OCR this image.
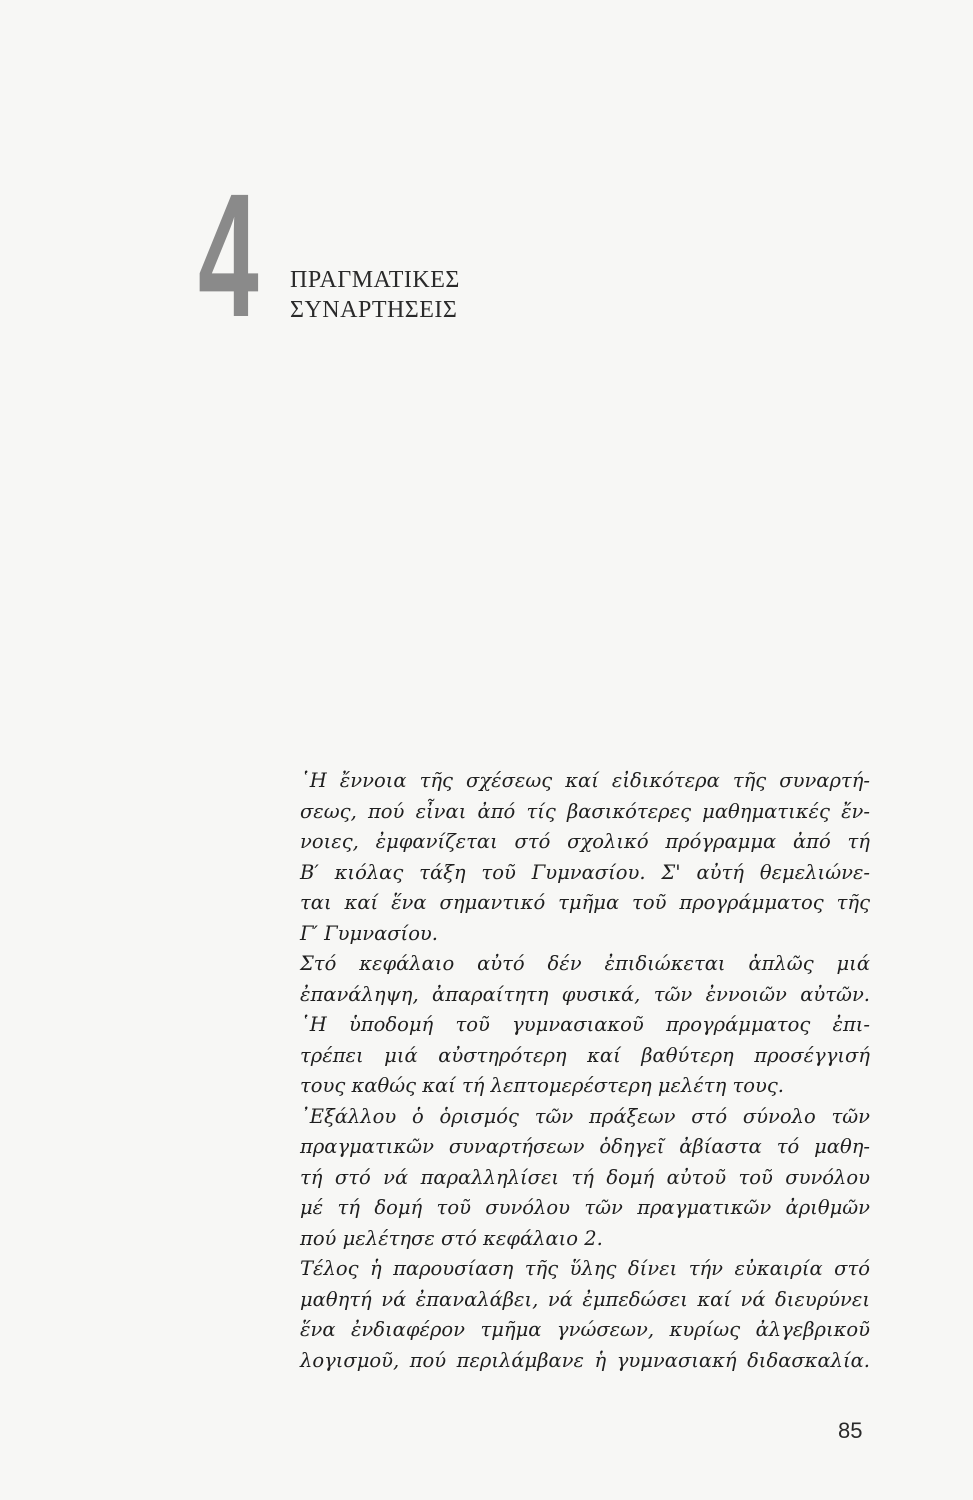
4 ΠΡΑΓΜΑΤΙΚΕΣ
ΣΥΝΑΡΤΗΣΕΙΣ
῾Η ἔννοια τῆς σχέσεως καί εἰδικότερα τῆς συναρτή-
σεως, πού εἶναι ἀπό τίς βασικότερες μαθηματικές ἔν-
νοιες, ἐμφανίζεται στό σχολικό πρόγραμμα ἀπό τή
Β′ κιόλας τάξη τοῦ Γυμνασίου. Σ' αὐτή θεμελιώνε-
ται καί ἕνα σημαντικό τμῆμα τοῦ προγράμματος τῆς
Γ′ Γυμνασίου.
Στό κεφάλαιο αὐτό δέν ἐπιδιώκεται ἁπλῶς μιά
ἐπανάληψη, ἀπαραίτητη φυσικά, τῶν ἐννοιῶν αὐτῶν.
῾Η ὑποδομή τοῦ γυμνασιακοῦ προγράμματος ἐπι-
τρέπει μιά αὐστηρότερη καί βαθύτερη προσέγγισή
τους καθώς καί τή λεπτομερέστερη μελέτη τους.
᾿Εξάλλου ὁ ὁρισμός τῶν πράξεων στό σύνολο τῶν
πραγματικῶν συναρτήσεων ὁδηγεῖ ἀβίαστα τό μαθη-
τή στό νά παραλληλίσει τή δομή αὐτοῦ τοῦ συνόλου
μέ τή δομή τοῦ συνόλου τῶν πραγματικῶν ἀριθμῶν
πού μελέτησε στό κεφάλαιο 2.
Τέλος ἡ παρουσίαση τῆς ὕλης δίνει τήν εὐκαιρία στό
μαθητή νά ἐπαναλάβει, νά ἐμπεδώσει καί νά διευρύνει
ἕνα ἐνδιαφέρον τμῆμα γνώσεων, κυρίως ἀλγεβρικοῦ
λογισμοῦ, πού περιλάμβανε ἡ γυμνασιακή διδασκαλία.
85
